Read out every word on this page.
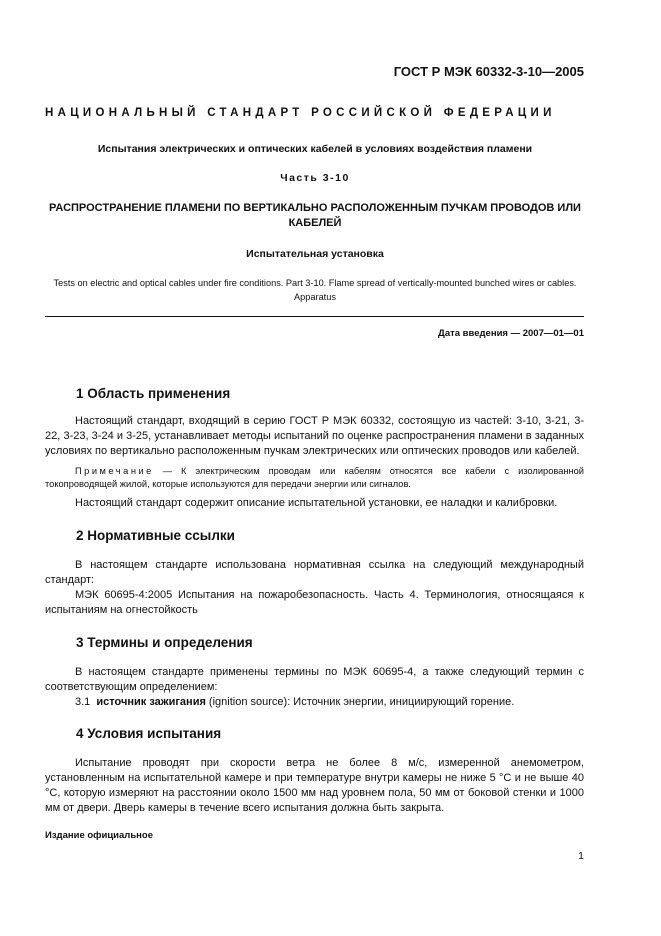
ГОСТ Р МЭК 60332-3-10—2005
НАЦИОНАЛЬНЫЙ СТАНДАРТ РОССИЙСКОЙ ФЕДЕРАЦИИ
Испытания электрических и оптических кабелей в условиях воздействия пламени
Часть 3-10
РАСПРОСТРАНЕНИЕ ПЛАМЕНИ ПО ВЕРТИКАЛЬНО РАСПОЛОЖЕННЫМ ПУЧКАМ ПРОВОДОВ ИЛИ КАБЕЛЕЙ
Испытательная установка
Tests on electric and optical cables under fire conditions. Part 3-10. Flame spread of vertically-mounted bunched wires or cables. Apparatus
Дата введения — 2007—01—01
1 Область применения

Настоящий стандарт, входящий в серию ГОСТ Р МЭК 60332, состоящую из частей: 3-10, 3-21, 3-22, 3-23, 3-24 и 3-25, устанавливает методы испытаний по оценке распространения пламени в заданных условиях по вертикально расположенным пучкам электрических или оптических проводов или кабелей.

Примечание — К электрическим проводам или кабелям относятся все кабели с изолированной токопроводящей жилой, которые используются для передачи энергии или сигналов.

Настоящий стандарт содержит описание испытательной установки, ее наладки и калибровки.

2 Нормативные ссылки

В настоящем стандарте использована нормативная ссылка на следующий международный стандарт:

МЭК 60695-4:2005 Испытания на пожаробезопасность. Часть 4. Терминология, относящаяся к испытаниям на огнестойкость

3 Термины и определения

В настоящем стандарте применены термины по МЭК 60695-4, а также следующий термин с соответствующим определением:

3.1 источник зажигания (ignition source): Источник энергии, инициирующий горение.

4 Условия испытания

Испытание проводят при скорости ветра не более 8 м/с, измеренной анемометром, установленным на испытательной камере и при температуре внутри камеры не ниже 5 °С и не выше 40 °С, которую измеряют на расстоянии около 1500 мм над уровнем пола, 50 мм от боковой стенки и 1000 мм от двери. Дверь камеры в течение всего испытания должна быть закрыта.

Издание официальное
1
